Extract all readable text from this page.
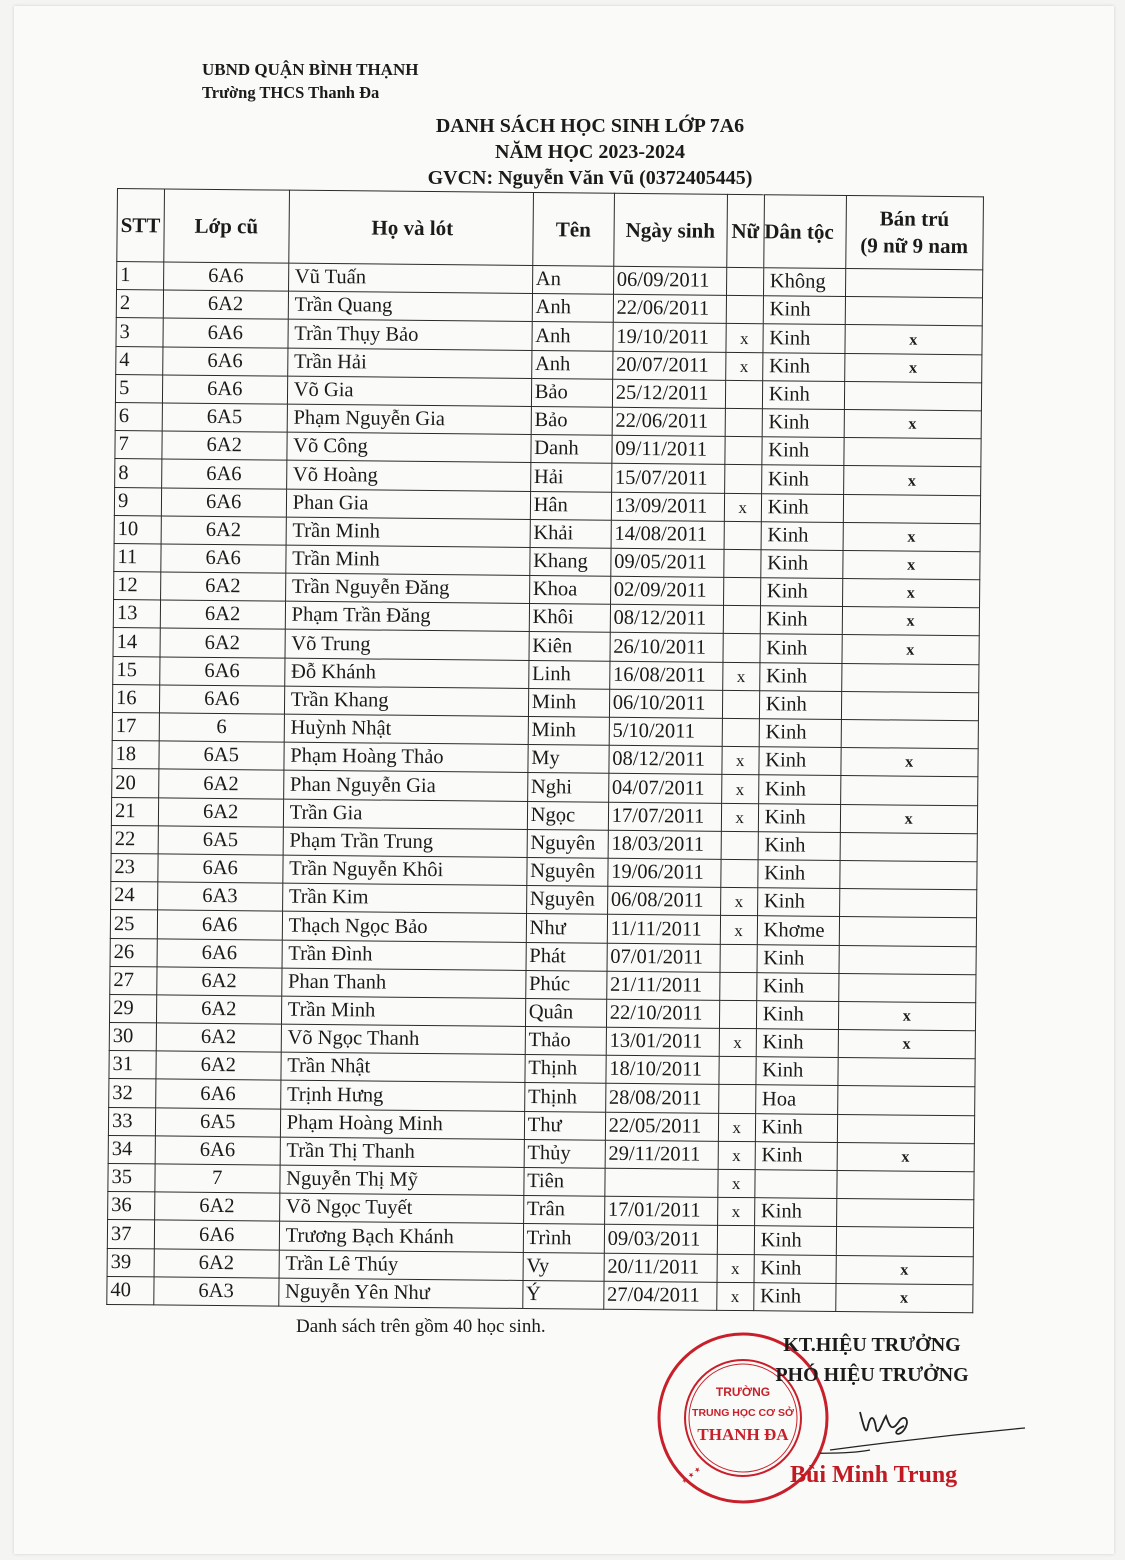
UBND QUẬN BÌNH THẠNH
Trường THCS Thanh Đa
DANH SÁCH HỌC SINH LỚP 7A6
NĂM HỌC 2023-2024
GVCN: Nguyễn Văn Vũ (0372405445)
STT	Lớp cũ	Họ và lót	Tên	Ngày sinh	Nữ	Dân tộc	Bán trú
(9 nữ 9 nam

1	6A6	Vũ Tuấn	An	06/09/2011		Không	
2	6A2	Trần Quang	Anh	22/06/2011		Kinh	
3	6A6	Trần Thụy Bảo	Anh	19/10/2011	x	Kinh	x
4	6A6	Trần Hải	Anh	20/07/2011	x	Kinh	x
5	6A6	Võ Gia	Bảo	25/12/2011		Kinh	
6	6A5	Phạm Nguyễn Gia	Bảo	22/06/2011		Kinh	x
7	6A2	Võ Công	Danh	09/11/2011		Kinh	
8	6A6	Võ Hoàng	Hải	15/07/2011		Kinh	x
9	6A6	Phan Gia	Hân	13/09/2011	x	Kinh	
10	6A2	Trần Minh	Khải	14/08/2011		Kinh	x
11	6A6	Trần Minh	Khang	09/05/2011		Kinh	x
12	6A2	Trần Nguyễn Đăng	Khoa	02/09/2011		Kinh	x
13	6A2	Phạm Trần Đăng	Khôi	08/12/2011		Kinh	x
14	6A2	Võ Trung	Kiên	26/10/2011		Kinh	x
15	6A6	Đỗ Khánh	Linh	16/08/2011	x	Kinh	
16	6A6	Trần Khang	Minh	06/10/2011		Kinh	
17	6	Huỳnh Nhật	Minh	5/10/2011		Kinh	
18	6A5	Phạm Hoàng Thảo	My	08/12/2011	x	Kinh	x
20	6A2	Phan Nguyễn Gia	Nghi	04/07/2011	x	Kinh	
21	6A2	Trần Gia	Ngọc	17/07/2011	x	Kinh	x
22	6A5	Phạm Trần Trung	Nguyên	18/03/2011		Kinh	
23	6A6	Trần Nguyễn Khôi	Nguyên	19/06/2011		Kinh	
24	6A3	Trần Kim	Nguyên	06/08/2011	x	Kinh	
25	6A6	Thạch Ngọc Bảo	Như	11/11/2011	x	Khơme	
26	6A6	Trần Đình	Phát	07/01/2011		Kinh	
27	6A2	Phan Thanh	Phúc	21/11/2011		Kinh	
29	6A2	Trần Minh	Quân	22/10/2011		Kinh	x
30	6A2	Võ Ngọc Thanh	Thảo	13/01/2011	x	Kinh	x
31	6A2	Trần Nhật	Thịnh	18/10/2011		Kinh	
32	6A6	Trịnh Hưng	Thịnh	28/08/2011		Hoa	
33	6A5	Phạm Hoàng Minh	Thư	22/05/2011	x	Kinh	
34	6A6	Trần Thị Thanh	Thủy	29/11/2011	x	Kinh	x
35	7	Nguyễn Thị Mỹ	Tiên		x		
36	6A2	Võ Ngọc Tuyết	Trân	17/01/2011	x	Kinh	
37	6A6	Trương Bạch Khánh	Trình	09/03/2011		Kinh	
39	6A2	Trần Lê Thúy	Vy	20/11/2011	x	Kinh	x
40	6A3	Nguyễn Yên Như	Ý	27/04/2011	x	Kinh	x
Danh sách trên gồm 40 học sinh.
TRƯỜNG
TRUNG HỌC CƠ SỞ
THANH ĐA
★ ★ ★
KT.HIỆU TRƯỞNG
PHÓ HIỆU TRƯỞNG
Bùi Minh Trung
